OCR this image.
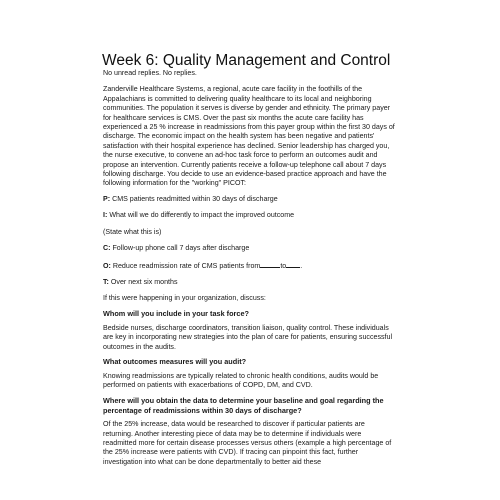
Week 6: Quality Management and Control
No unread replies. No replies.

Zanderville Healthcare Systems, a regional, acute care facility in the foothills of the Appalachians is committed to delivering quality healthcare to its local and neighboring communities. The population it serves is diverse by gender and ethnicity. The primary payer for healthcare services is CMS. Over the past six months the acute care facility has experienced a 25 % increase in readmissions from this payer group within the first 30 days of discharge. The economic impact on the health system has been negative and patients' satisfaction with their hospital experience has declined. Senior leadership has charged you, the nurse executive, to convene an ad-hoc task force to perform an outcomes audit and propose an intervention. Currently patients receive a follow-up telephone call about 7 days following discharge. You decide to use an evidence-based practice approach and have the following information for the "working" PICOT:

P: CMS patients readmitted within 30 days of discharge
I: What will we do differently to impact the improved outcome
(State what this is)
C: Follow-up phone call 7 days after discharge
O: Reduce readmission rate of CMS patients from	to .
T: Over next six months

If this were happening in your organization, discuss:

Whom will you include in your task force?

Bedside nurses, discharge coordinators, transition liaison, quality control. These individuals are key in incorporating new strategies into the plan of care for patients, ensuring successful outcomes in the audits.

What outcomes measures will you audit?

Knowing readmissions are typically related to chronic health conditions, audits would be performed on patients with exacerbations of COPD, DM, and CVD.

Where will you obtain the data to determine your baseline and goal regarding the percentage of readmissions within 30 days of discharge?

Of the 25% increase, data would be researched to discover if particular patients are returning. Another interesting piece of data may be to determine if individuals were readmitted more for certain disease processes versus others (example a high percentage of the 25% increase were patients with CVD). If tracing can pinpoint this fact, further investigation into what can be done departmentally to better aid these
